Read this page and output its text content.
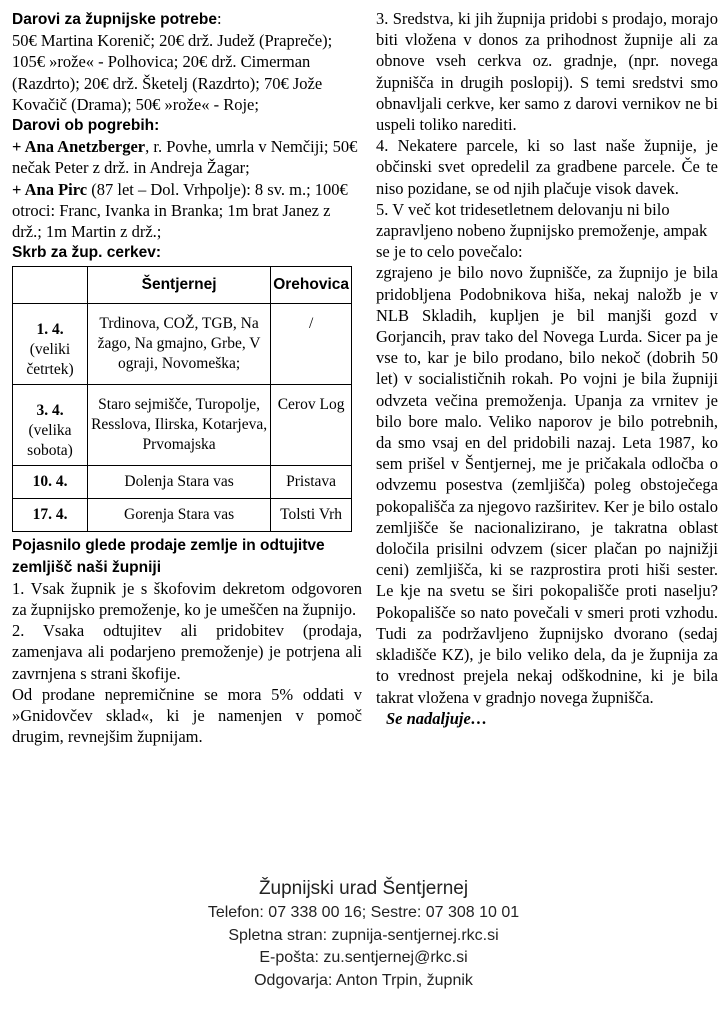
Darovi za župnijske potrebe:
50€ Martina Korenič; 20€ drž. Judež (Prapreče); 105€ »rože« - Polhovica; 20€ drž. Cimerman (Razdrto); 20€ drž. Šketelj (Razdrto); 70€ Jože Kovačič (Drama); 50€ »rože« - Roje;

Darovi ob pogrebih:

+ Ana Anetzberger, r. Povhe, umrla v Nemčiji; 50€ nečak Peter z drž. in Andreja Žagar;

+ Ana Pirc (87 let – Dol. Vrhpolje): 8 sv. m.; 100€ otroci: Franc, Ivanka in Branka; 1m brat Janez z drž.; 1m Martin z drž.;

Skrb za žup. cerkev:
	Šentjernej	Orehovica
1. 4.
(veliki četrtek)	Trdinova, COŽ, TGB, Na žago, Na gmajno, Grbe, V ograji, Novomeška;	/
3. 4.
(velika sobota)	Staro sejmišče, Turopolje, Resslova, Ilirska, Kotarjeva, Prvomajska	Cerov Log
10. 4.	Dolenja Stara vas	Pristava
17. 4.	Gorenja Stara vas	Tolsti Vrh
Pojasnilo glede prodaje zemlje in odtujitve zemljišč naši župniji

1. Vsak župnik je s škofovim dekretom odgovoren za župnijsko premoženje, ko je umeščen na župnijo.

2. Vsaka odtujitev ali pridobitev (prodaja, zamenjava ali podarjeno premoženje) je potrjena ali zavrnjena s strani škofije.

Od prodane nepremičnine se mora 5% oddati v »Gnidovčev sklad«, ki je namenjen v pomoč drugim, revnejšim župnijam.

3. Sredstva, ki jih župnija pridobi s prodajo, morajo biti vložena v donos za prihodnost župnije ali za obnove vseh cerkva oz. gradnje, (npr. novega župnišča in drugih poslopij). S temi sredstvi smo obnavljali cerkve, ker samo z darovi vernikov ne bi uspeli toliko narediti.

4. Nekatere parcele, ki so last naše župnije, je občinski svet opredelil za gradbene parcele. Če te niso pozidane, se od njih plačuje visok davek.

5. V več kot tridesetletnem delovanju ni bilo zapravljeno nobeno župnijsko premoženje, ampak se je to celo povečalo:

zgrajeno je bilo novo župnišče, za župnijo je bila pridobljena Podobnikova hiša, nekaj naložb je v NLB Skladih, kupljen je bil manjši gozd v Gorjancih, prav tako del Novega Lurda. Sicer pa je vse to, kar je bilo prodano, bilo nekoč (dobrih 50 let) v socialističnih rokah. Po vojni je bila župniji odvzeta večina premoženja. Upanja za vrnitev je bilo bore malo. Veliko naporov je bilo potrebnih, da smo vsaj en del pridobili nazaj. Leta 1987, ko sem prišel v Šentjernej, me je pričakala odločba o odvzemu posestva (zemljišča) poleg obstoječega pokopališča za njegovo razširitev. Ker je bilo ostalo zemljišče še nacionalizirano, je takratna oblast določila prisilni odvzem (sicer plačan po najnižji ceni) zemljišča, ki se razprostira proti hiši sester. Le kje na svetu se širi pokopališče proti naselju? Pokopališče so nato povečali v smeri proti vzhodu. Tudi za podržavljeno župnijsko dvorano (sedaj skladišče KZ), je bilo veliko dela, da je župnija za to vrednost prejela nekaj odškodnine, ki je bila takrat vložena v gradnjo novega župnišča.

Se nadaljuje…
Župnijski urad Šentjernej
Telefon: 07 338 00 16; Sestre: 07 308 10 01
Spletna stran: zupnija-sentjernej.rkc.si
E-pošta: zu.sentjernej@rkc.si
Odgovarja: Anton Trpin, župnik
